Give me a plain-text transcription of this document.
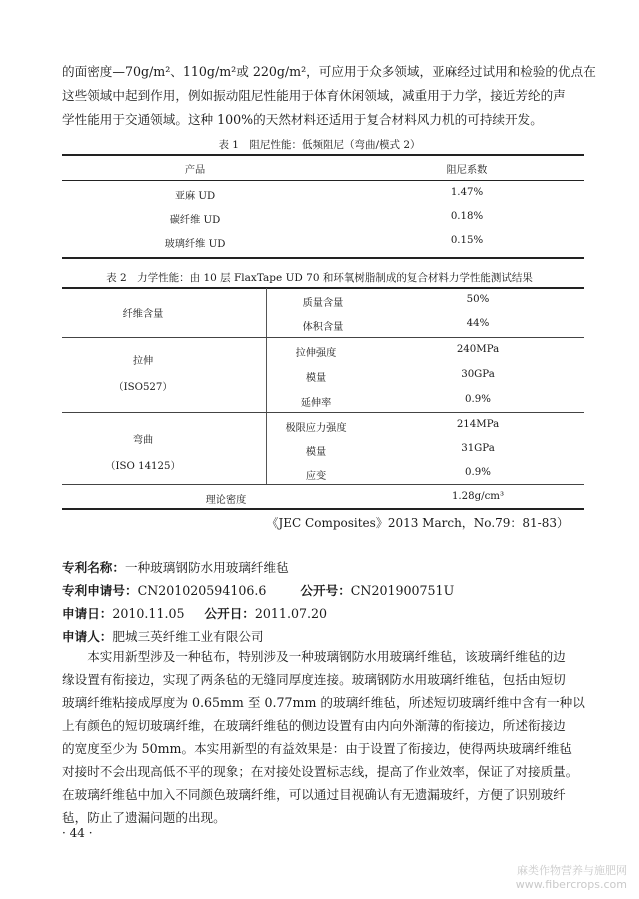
的面密度—70g/m²、110g/m²或 220g/m²，可应用于众多领域，亚麻经过试用和检验的优点在
这些领域中起到作用，例如振动阻尼性能用于体育休闲领域，减重用于力学，接近芳纶的声
学性能用于交通领域。这种 100%的天然材料还适用于复合材料风力机的可持续开发。
表 1　阻尼性能：低频阻尼（弯曲/模式 2）
产品	阻尼系数
亚麻 UD	1.47%
碳纤维 UD	0.18%
玻璃纤维 UD	0.15%
表 2　力学性能：由 10 层 FlaxTape UD 70 和环氧树脂制成的复合材料力学性能测试结果
纤维含量
质量含量	50%
体积含量	44%
拉伸
（ISO527）
拉伸强度	240MPa
模量	30GPa
延伸率	0.9%
弯曲
（ISO 14125）
极限应力强度	214MPa
模量	31GPa
应变	0.9%
理论密度	1.28g/cm³
《JEC Composites》2013 March，No.79：81-83）
专利名称：一种玻璃钢防水用玻璃纤维毡
专利申请号：CN201020594106.6	公开号：CN201900751U
申请日：2010.11.05 公开日：2011.07.20
申请人：肥城三英纤维工业有限公司
　　本实用新型涉及一种毡布，特别涉及一种玻璃钢防水用玻璃纤维毡，该玻璃纤维毡的边
缘设置有衔接边，实现了两条毡的无缝同厚度连接。玻璃钢防水用玻璃纤维毡，包括由短切
玻璃纤维粘接成厚度为 0.65mm 至 0.77mm 的玻璃纤维毡，所述短切玻璃纤维中含有一种以
上有颜色的短切玻璃纤维，在玻璃纤维毡的侧边设置有由内向外渐薄的衔接边，所述衔接边
的宽度至少为 50mm。本实用新型的有益效果是：由于设置了衔接边，使得两块玻璃纤维毡
对接时不会出现高低不平的现象；在对接处设置标志线，提高了作业效率，保证了对接质量。
在玻璃纤维毡中加入不同颜色玻璃纤维，可以通过目视确认有无遗漏玻纤，方便了识别玻纤
毡，防止了遗漏问题的出现。
· 44 ·
麻类作物营养与施肥网
www.fibercrops.com
